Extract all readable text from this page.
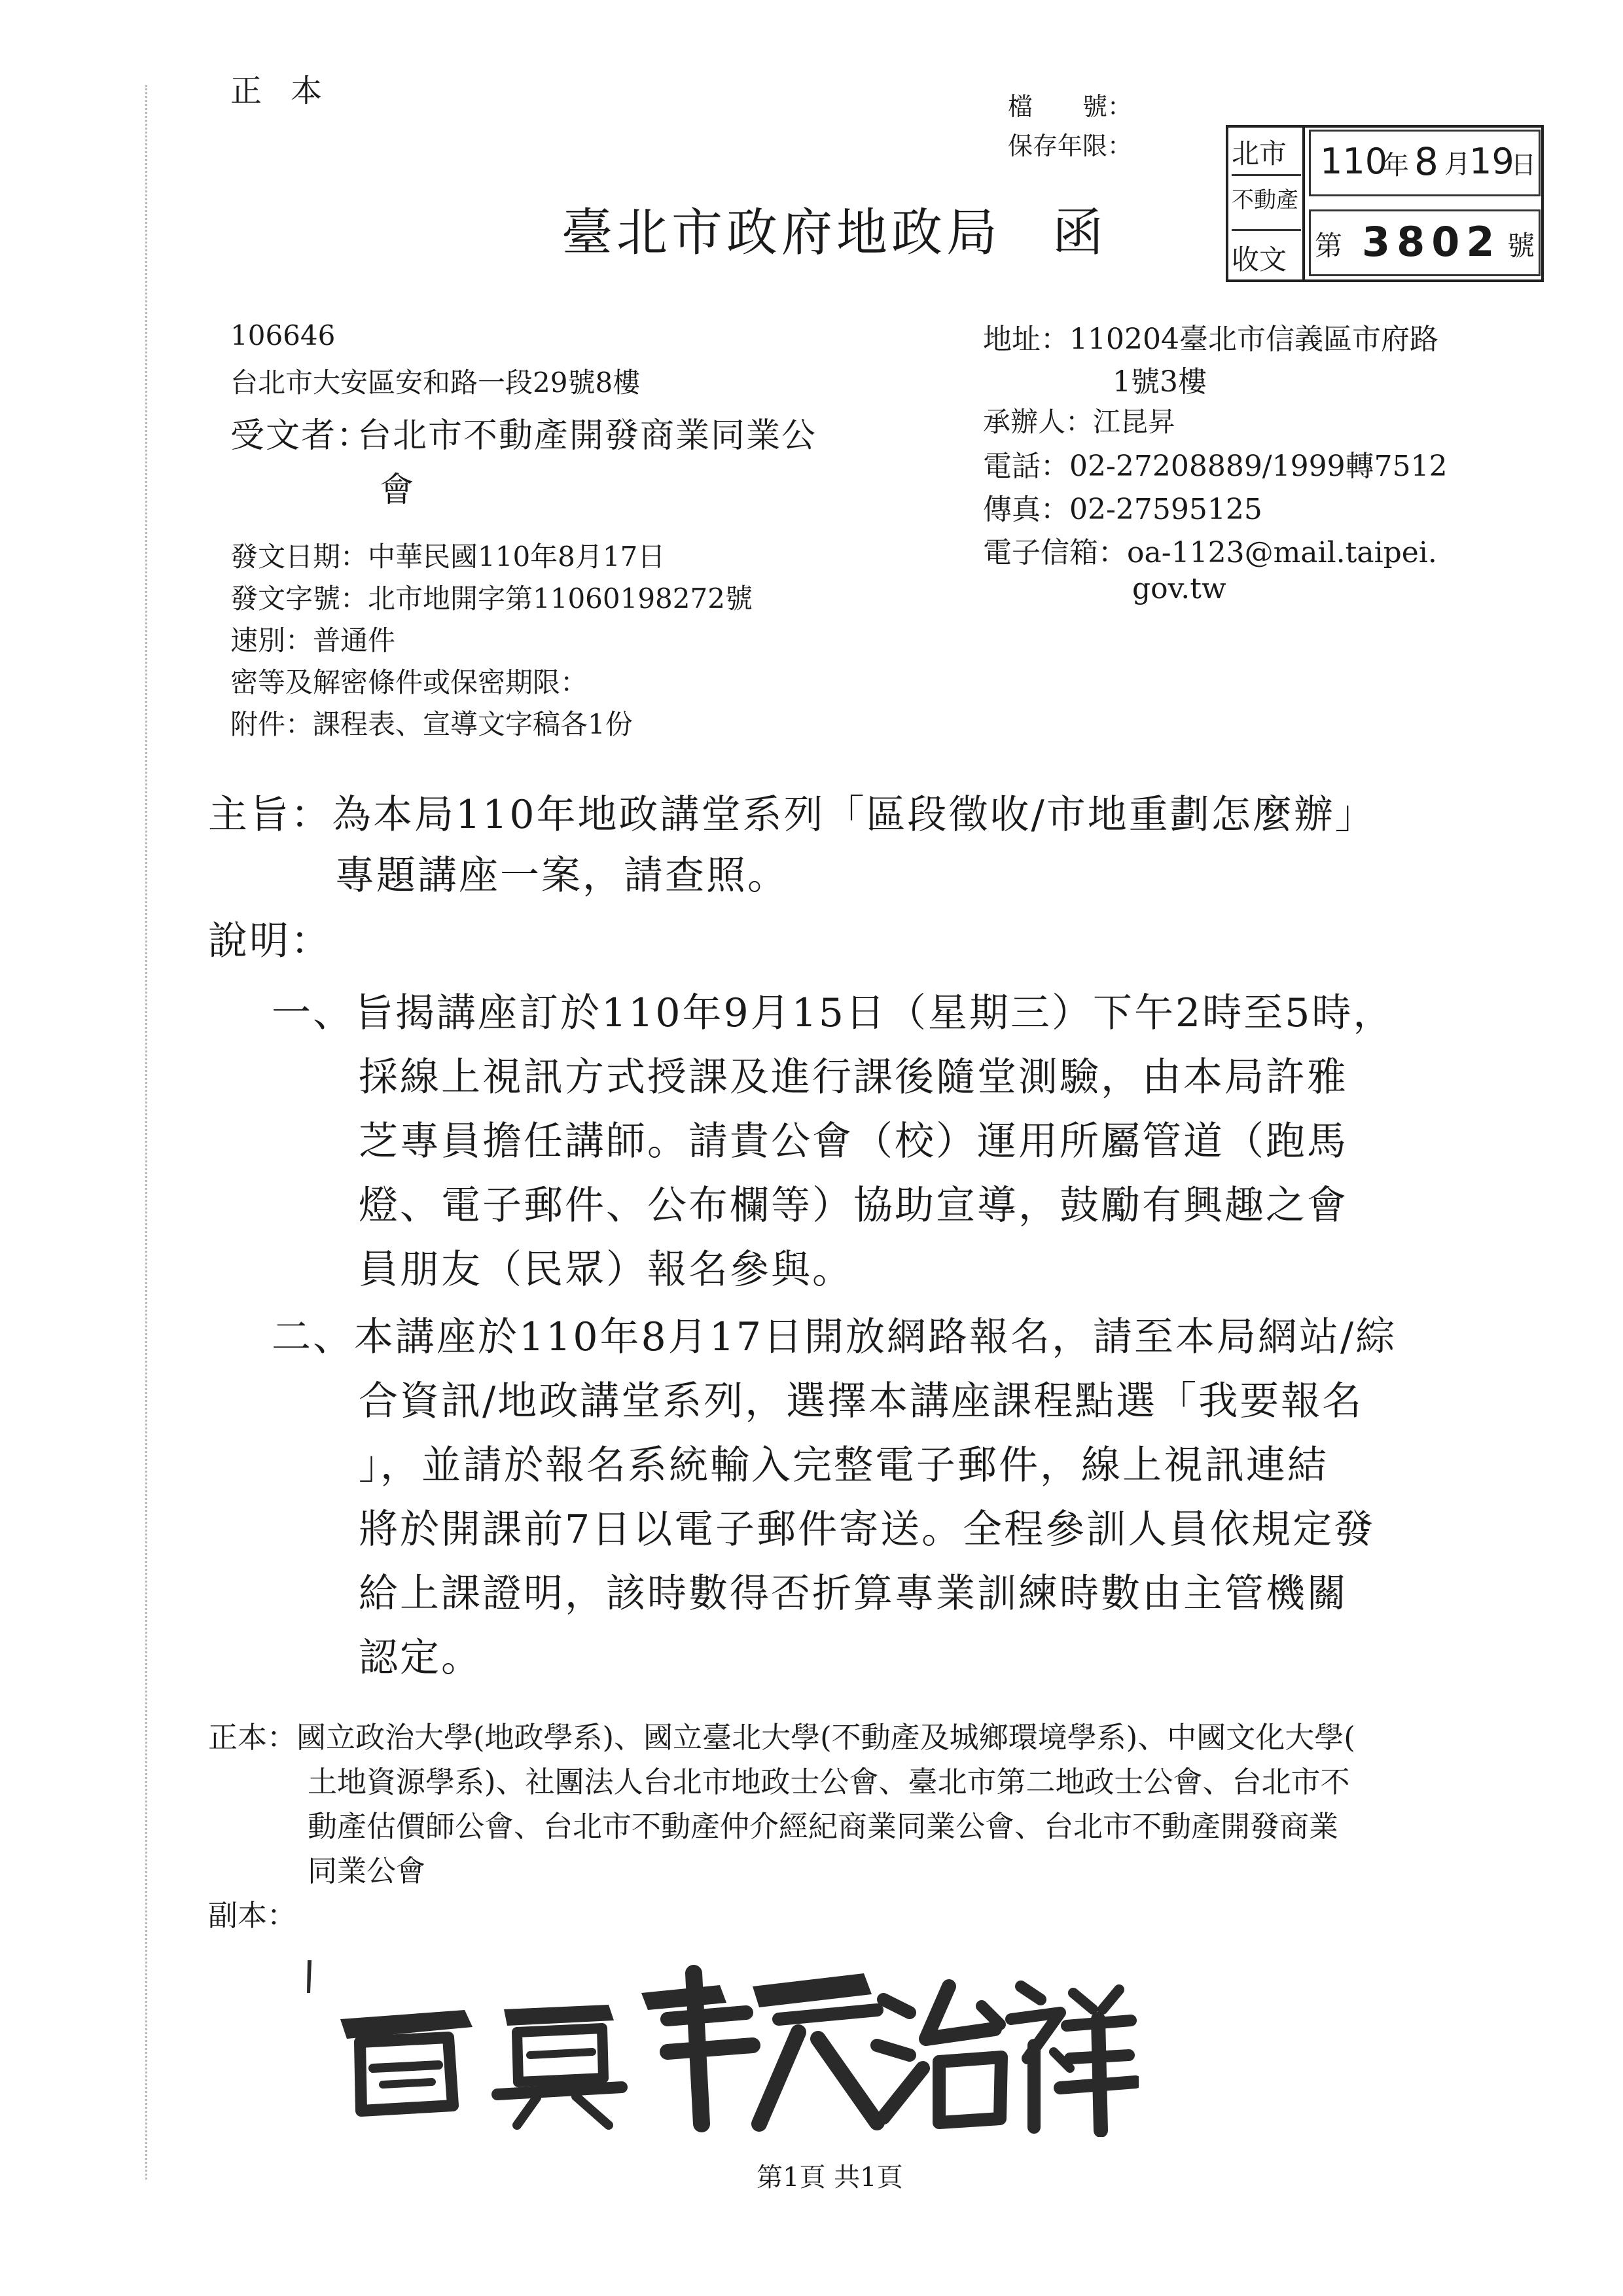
正本	檔　　號：
保存年限：
臺北市政府地政局 函
北市
不動產
收文
110
年 8 月
19
日
第 3802 號
106646
台北市大安區安和路一段29號8樓
受文者：
台北市不動產開發商業同業公
會
地址：110204臺北市信義區市府路
1號3樓
承辦人：江昆昇
電話：02-27208889/1999轉7512
傳真：02-27595125
電子信箱：oa-1123@mail.taipei.
gov.tw
發文日期：中華民國110年8月17日
發文字號：北市地開字第11060198272號
速別：普通件
密等及解密條件或保密期限：
附件：課程表、宣導文字稿各1份
主旨：為本局110年地政講堂系列「區段徵收/市地重劃怎麼辦」
專題講座一案，請查照。
說明：
一、旨揭講座訂於110年9月15日（星期三）下午2時至5時，
採線上視訊方式授課及進行課後隨堂測驗，由本局許雅
芝專員擔任講師。請貴公會（校）運用所屬管道（跑馬
燈、電子郵件、公布欄等）協助宣導，鼓勵有興趣之會
員朋友（民眾）報名參與。
二、本講座於110年8月17日開放網路報名，請至本局網站/綜
合資訊/地政講堂系列，選擇本講座課程點選「我要報名
」，並請於報名系統輸入完整電子郵件，線上視訊連結
將於開課前7日以電子郵件寄送。全程參訓人員依規定發
給上課證明，該時數得否折算專業訓練時數由主管機關
認定。
正本：國立政治大學(地政學系)、國立臺北大學(不動產及城鄉環境學系)、中國文化大學(
土地資源學系)、社團法人台北市地政士公會、臺北市第二地政士公會、台北市不
動產估價師公會、台北市不動產仲介經紀商業同業公會、台北市不動產開發商業
同業公會
副本：
第1頁 共1頁
